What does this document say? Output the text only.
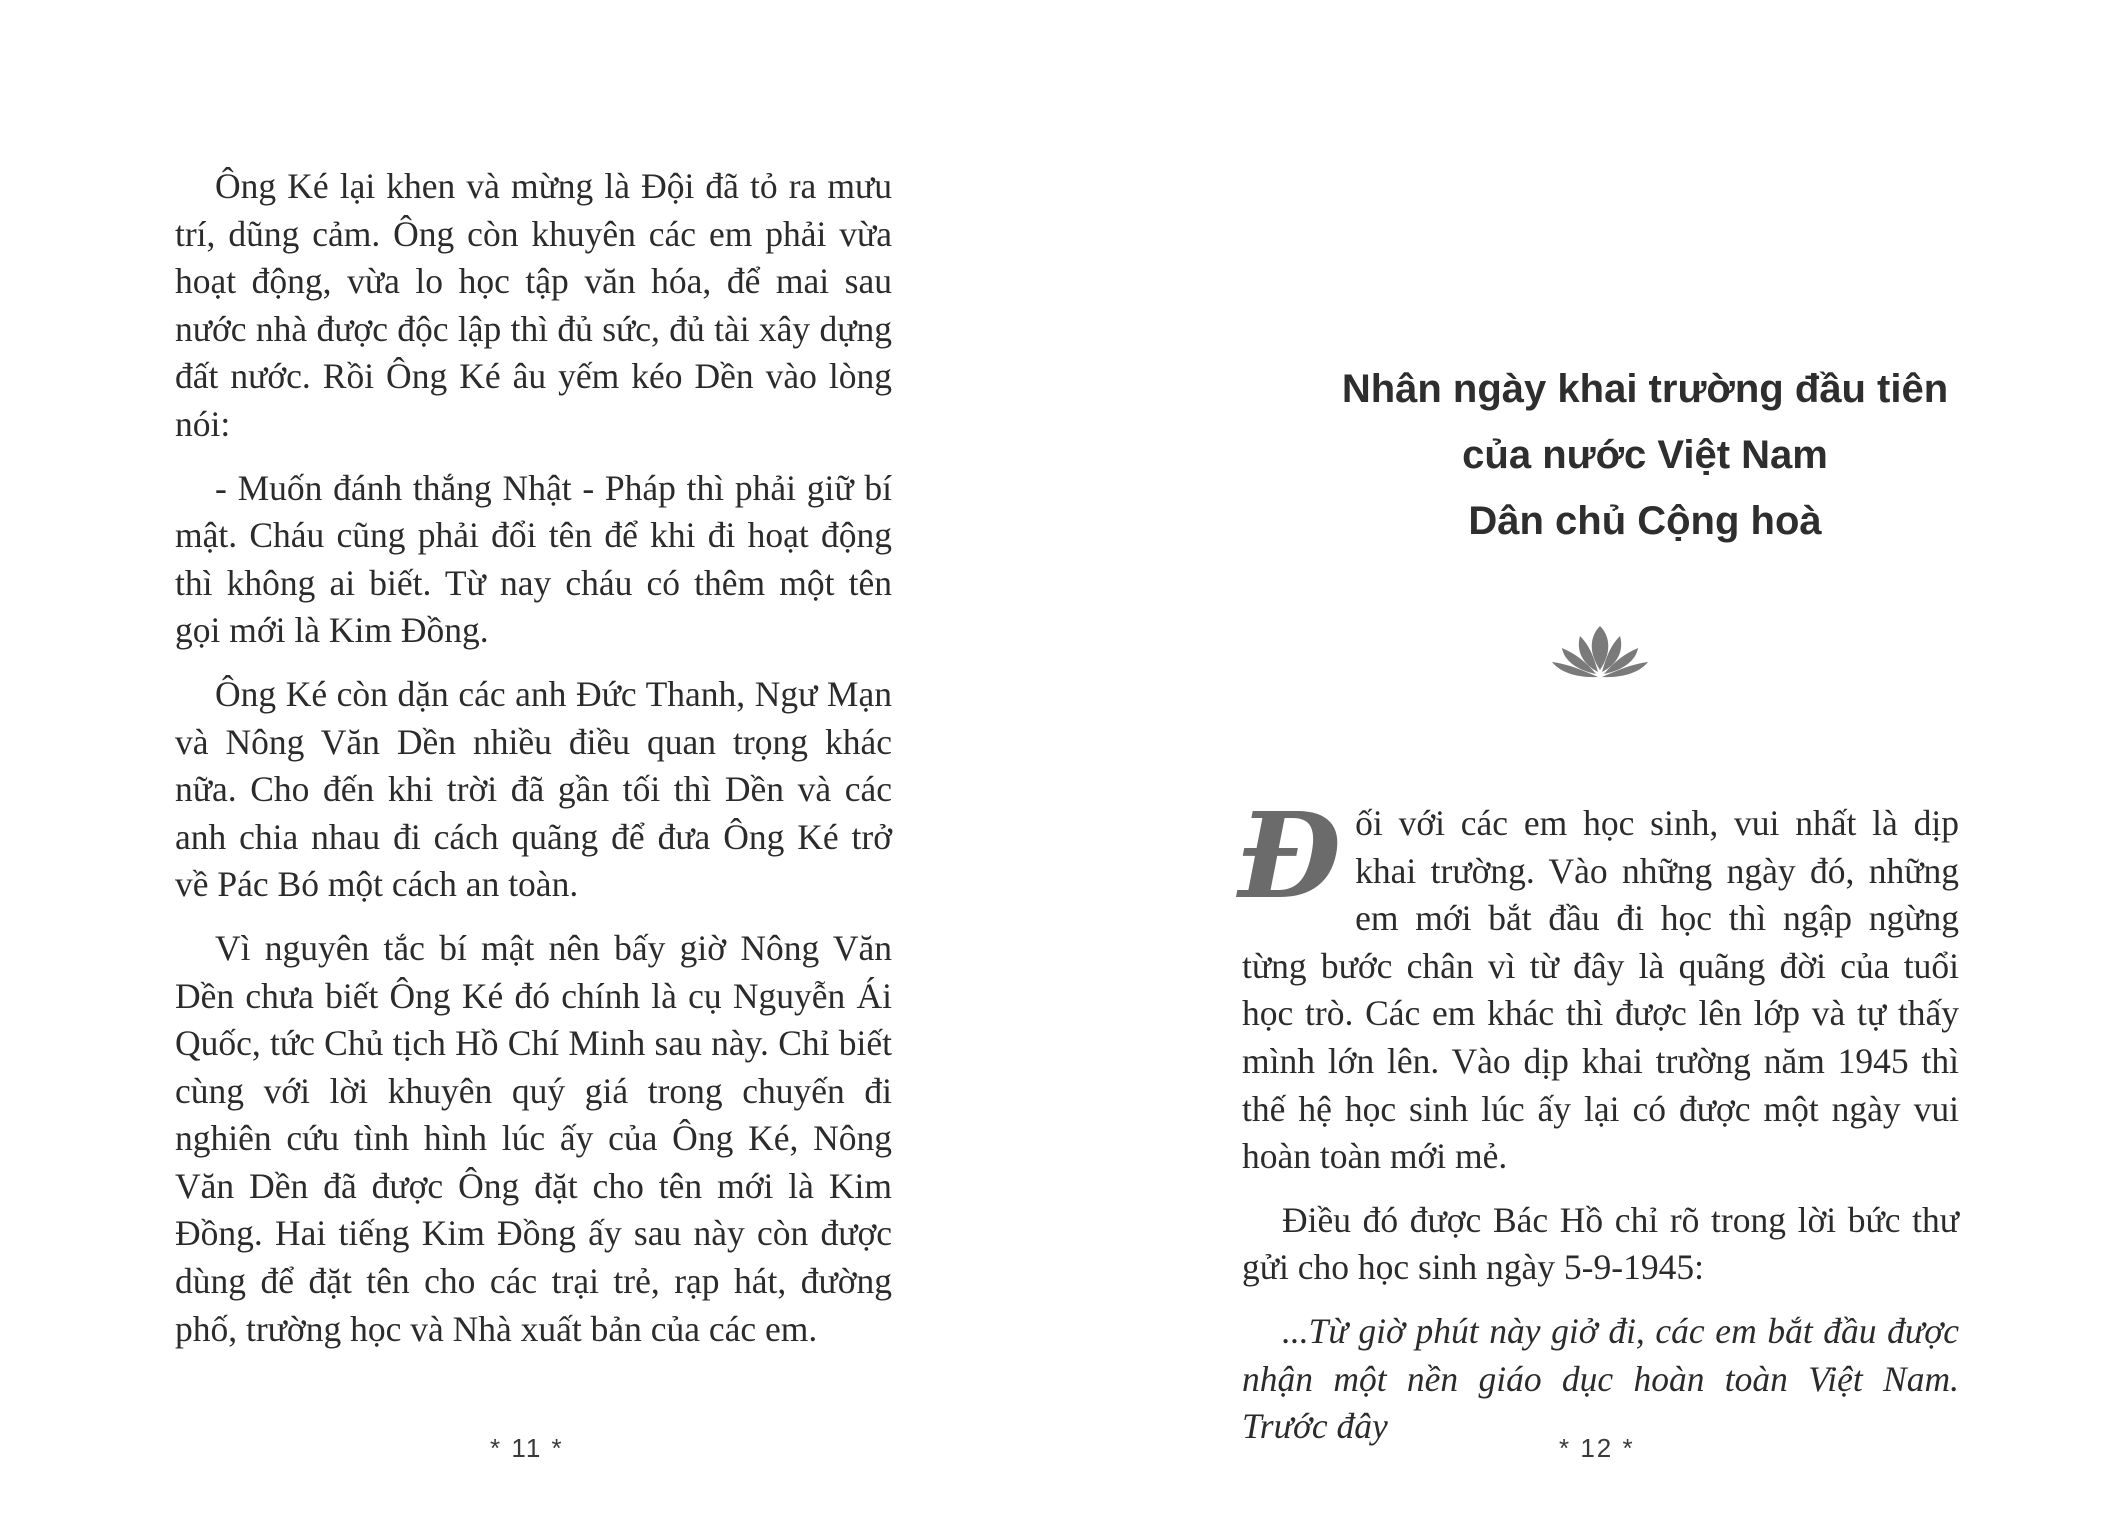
Ông Ké lại khen và mừng là Đội đã tỏ ra mưu trí, dũng cảm. Ông còn khuyên các em phải vừa hoạt động, vừa lo học tập văn hóa, để mai sau nước nhà được độc lập thì đủ sức, đủ tài xây dựng đất nước. Rồi Ông Ké âu yếm kéo Dền vào lòng nói:

- Muốn đánh thắng Nhật - Pháp thì phải giữ bí mật. Cháu cũng phải đổi tên để khi đi hoạt động thì không ai biết. Từ nay cháu có thêm một tên gọi mới là Kim Đồng.

Ông Ké còn dặn các anh Đức Thanh, Ngư Mạn và Nông Văn Dền nhiều điều quan trọng khác nữa. Cho đến khi trời đã gần tối thì Dền và các anh chia nhau đi cách quãng để đưa Ông Ké trở về Pác Bó một cách an toàn.

Vì nguyên tắc bí mật nên bấy giờ Nông Văn Dền chưa biết Ông Ké đó chính là cụ Nguyễn Ái Quốc, tức Chủ tịch Hồ Chí Minh sau này. Chỉ biết cùng với lời khuyên quý giá trong chuyến đi nghiên cứu tình hình lúc ấy của Ông Ké, Nông Văn Dền đã được Ông đặt cho tên mới là Kim Đồng. Hai tiếng Kim Đồng ấy sau này còn được dùng để đặt tên cho các trại trẻ, rạp hát, đường phố, trường học và Nhà xuất bản của các em.

* 11 *
Nhân ngày khai trường đầu tiên
của nước Việt Nam
Dân chủ Cộng hoà

Đối với các em học sinh, vui nhất là dịp khai trường. Vào những ngày đó, những em mới bắt đầu đi học thì ngập ngừng từng bước chân vì từ đây là quãng đời của tuổi học trò. Các em khác thì được lên lớp và tự thấy mình lớn lên. Vào dịp khai trường năm 1945 thì thế hệ học sinh lúc ấy lại có được một ngày vui hoàn toàn mới mẻ.

Điều đó được Bác Hồ chỉ rõ trong lời bức thư gửi cho học sinh ngày 5-9-1945:

...Từ giờ phút này giở đi, các em bắt đầu được nhận một nền giáo dục hoàn toàn Việt Nam. Trước đây

* 12 *
